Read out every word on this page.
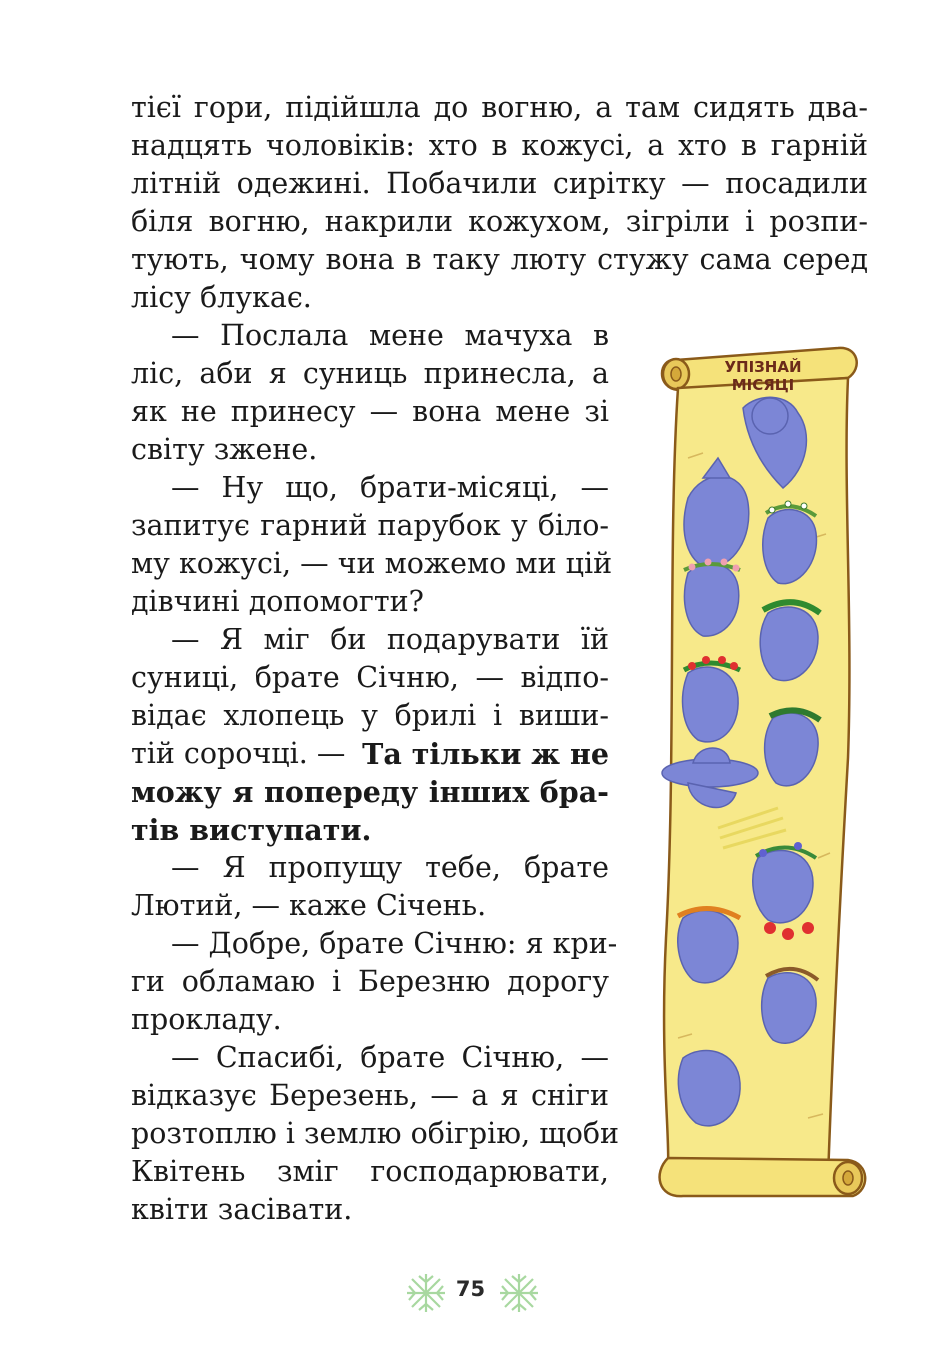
тієї гори, підійшла до вогню, а там сидять два-
надцять чоловіків: хто в кожусі, а хто в гарній
літній одежині. Побачили сирітку — посадили
біля вогню, накрили кожухом, зігріли і розпи-
тують, чому вона в таку люту стужу сама серед
лісу блукає.
— Послала мене мачуха в
ліс, аби я суниць принесла, а
як не принесу — вона мене зі
світу зжене.
— Ну що, брати-місяці, —
запитує гарний парубок у біло-
му кожусі, — чи можемо ми цій
дівчині допомогти?
— Я міг би подарувати їй
суниці, брате Січню, — відпо-
відає хлопець у брилі і виши-
тій сорочці. — Та тільки ж не
можу я попереду інших бра-
тів виступати.
— Я пропущу тебе, брате
Лютий, — каже Січень.
— Добре, брате Січню: я кри-
ги обламаю і Березню дорогу
прокладу.
— Спасибі, брате Січню, —
відказує Березень, — а я сніги
розтоплю і землю обігрію, щоби
Квітень зміг господарювати,
квіти засівати.
УПІЗНАЙ
МІСЯЦІ
75
